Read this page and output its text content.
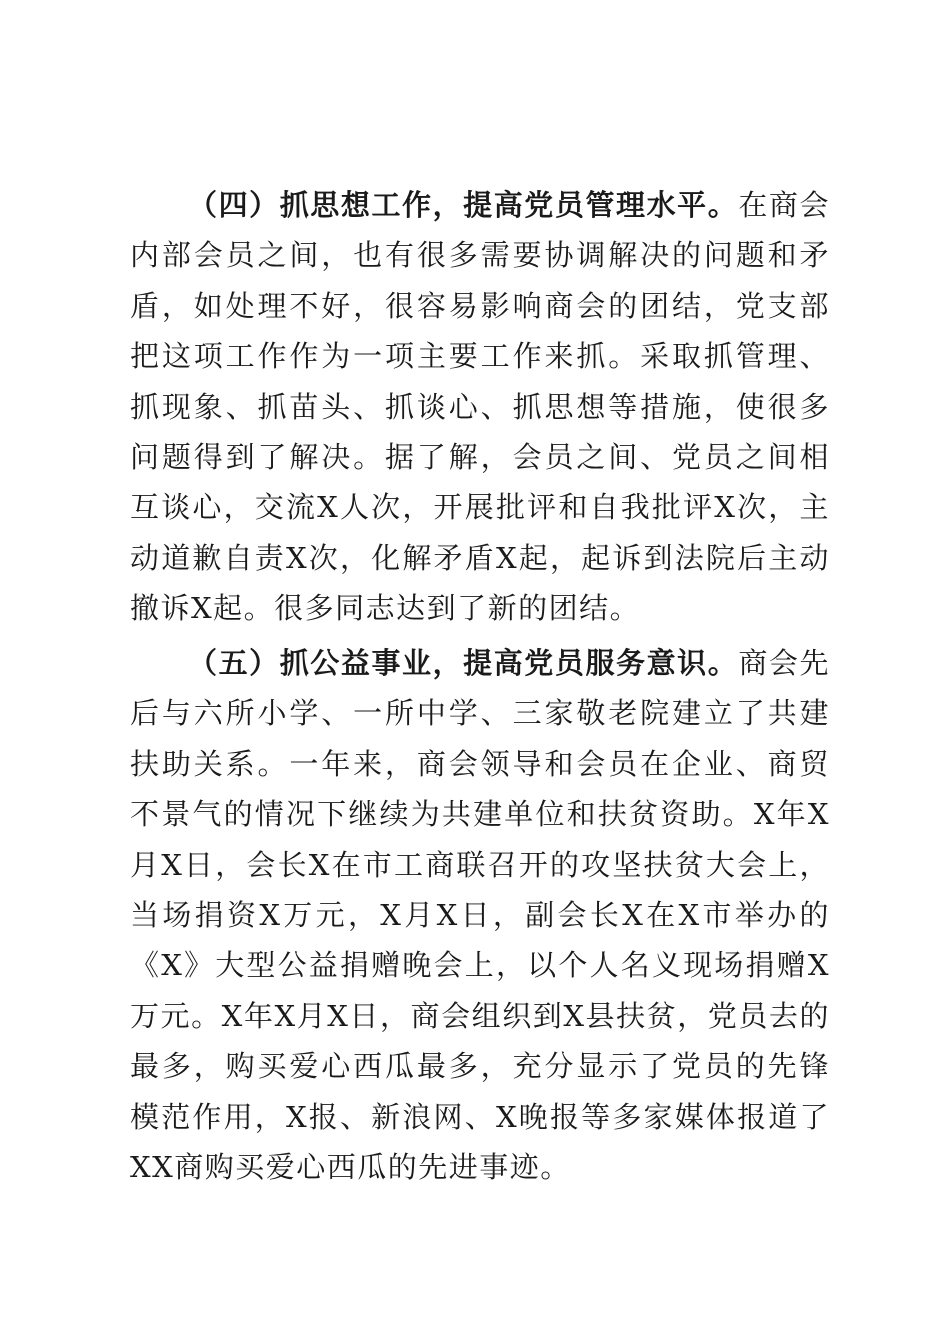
（四）抓思想工作，提高党员管理水平。在商会内部会员之间，也有很多需要协调解决的问题和矛盾，如处理不好，很容易影响商会的团结，党支部把这项工作作为一项主要工作来抓。采取抓管理、抓现象、抓苗头、抓谈心、抓思想等措施，使很多问题得到了解决。据了解，会员之间、党员之间相互谈心，交流X人次，开展批评和自我批评X次，主动道歉自责X次，化解矛盾X起，起诉到法院后主动撤诉X起。很多同志达到了新的团结。

（五）抓公益事业，提高党员服务意识。商会先后与六所小学、一所中学、三家敬老院建立了共建扶助关系。一年来，商会领导和会员在企业、商贸不景气的情况下继续为共建单位和扶贫资助。X年X月X日，会长X在市工商联召开的攻坚扶贫大会上，当场捐资X万元，X月X日，副会长X在X市举办的《X》大型公益捐赠晚会上，以个人名义现场捐赠X万元。X年X月X日，商会组织到X县扶贫，党员去的最多，购买爱心西瓜最多，充分显示了党员的先锋模范作用，X报、新浪网、X晚报等多家媒体报道了XX商购买爱心西瓜的先进事迹。
